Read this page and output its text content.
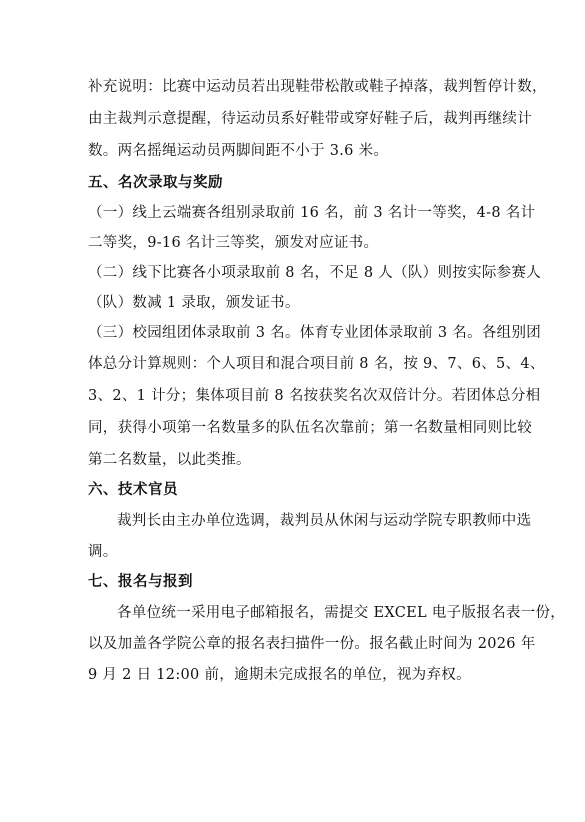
补充说明：比赛中运动员若出现鞋带松散或鞋子掉落，裁判暂停计数，
由主裁判示意提醒，待运动员系好鞋带或穿好鞋子后，裁判再继续计
数。两名摇绳运动员两脚间距不小于 3.6 米。
五、名次录取与奖励
（一）线上云端赛各组别录取前 16 名，前 3 名计一等奖，4-8 名计
二等奖，9-16 名计三等奖，颁发对应证书。
（二）线下比赛各小项录取前 8 名，不足 8 人（队）则按实际参赛人
（队）数减 1 录取，颁发证书。
（三）校园组团体录取前 3 名。体育专业团体录取前 3 名。各组别团
体总分计算规则：个人项目和混合项目前 8 名，按 9、7、6、5、4、
3、2、1 计分；集体项目前 8 名按获奖名次双倍计分。若团体总分相
同，获得小项第一名数量多的队伍名次靠前；第一名数量相同则比较
第二名数量，以此类推。
六、技术官员
裁判长由主办单位选调，裁判员从休闲与运动学院专职教师中选
调。
七、报名与报到
各单位统一采用电子邮箱报名，需提交 EXCEL 电子版报名表一份，
以及加盖各学院公章的报名表扫描件一份。报名截止时间为 2026 年
9 月 2 日 12:00 前，逾期未完成报名的单位，视为弃权。
